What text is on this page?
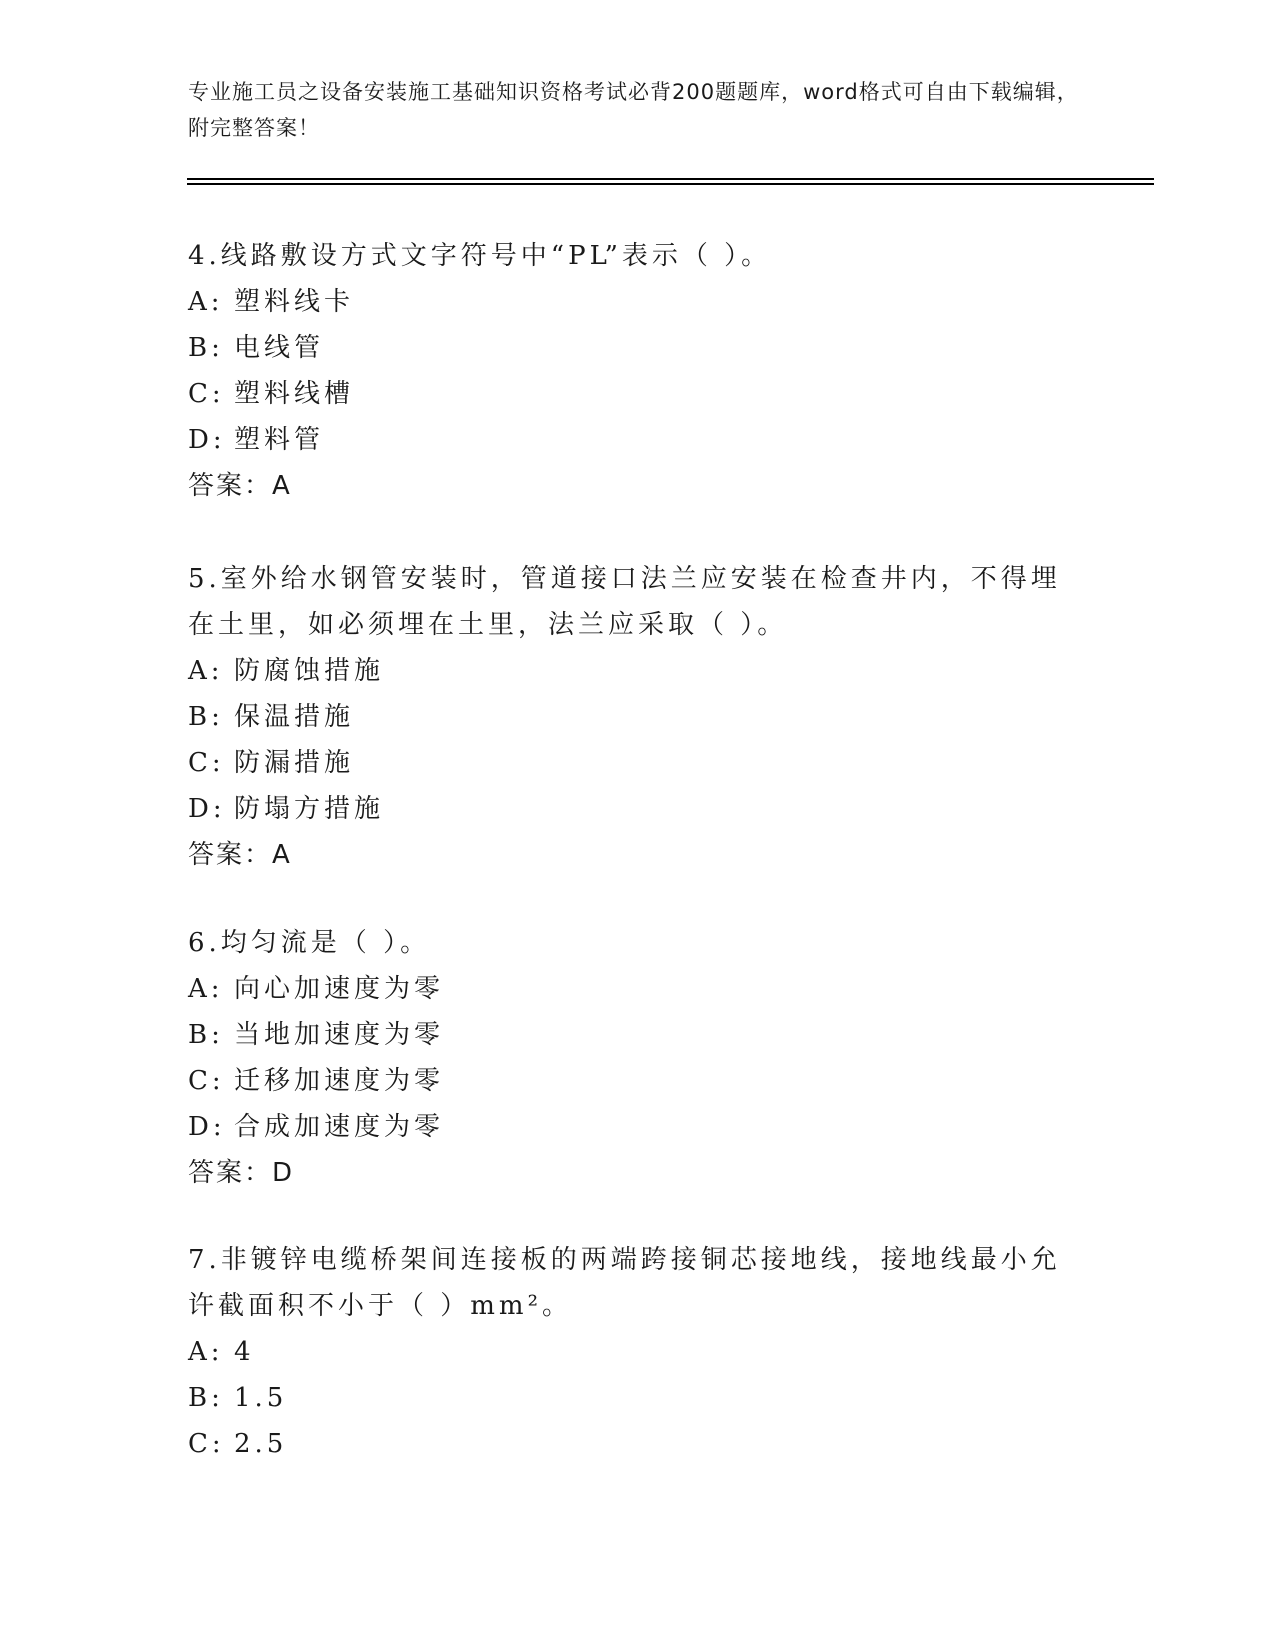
专业施工员之设备安装施工基础知识资格考试必背200题题库，word格式可自由下载编辑，附完整答案！

4.线路敷设方式文字符号中“PL”表示（ ）。

A: 塑料线卡

B: 电线管

C: 塑料线槽

D: 塑料管

答案：A

5.室外给水钢管安装时，管道接口法兰应安装在检查井内，不得埋在土里，如必须埋在土里，法兰应采取（ ）。

A: 防腐蚀措施

B: 保温措施

C: 防漏措施

D: 防塌方措施

答案：A

6.均匀流是（ ）。

A: 向心加速度为零

B: 当地加速度为零

C: 迁移加速度为零

D: 合成加速度为零

答案：D

7.非镀锌电缆桥架间连接板的两端跨接铜芯接地线，接地线最小允许截面积不小于（ ）mm²。

A: 4

B: 1.5

C: 2.5
